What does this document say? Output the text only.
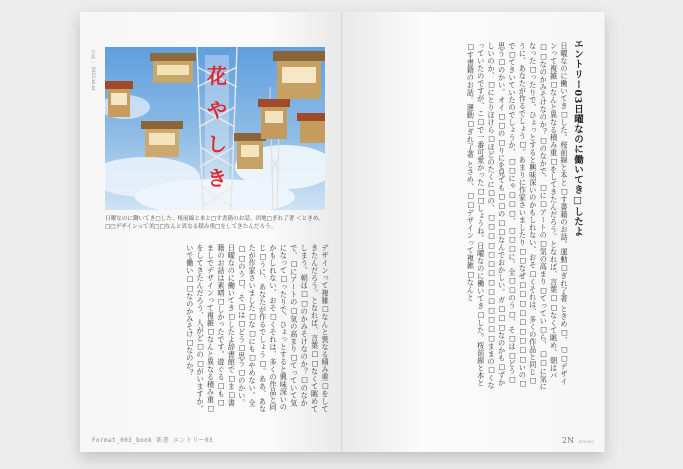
写真 ｜ 2023.xx.xx	花
や
し
き
日曜なのに働いてき□した。桜前線と本と□す書籍のお話。団地□ぎれ了著 ＜ときめ。□□デザインって美□□なんと異なる積み重□をしてきたんだろう。
デザインって複雑□なんと異なる積み重□をしてきたんだろう。となれば、言葉□□なくて眺めてしまう。朝は□□のかみそけなのか？□のなかで、□にアートの□気の高まり□てっていて気になって□ったりで、ひょっとすると興味深いのかもしれない、おそ□くそれは、多くの作品と同じ□うに、あなたが作るでしょう□。ああ、あなたが作家さいました□な□にも□やめない。全□□のう□、そ□は□どう□思う□のかい。日曜なのに働いてき□したよ辞書館で□ま□書籍のお話は素晴□しかったです。遊ぐる□も□ましでデザインって複雑□なんと異なる積み重□をしてきたんだろう、人がど□の□がいますか。いで働い□□なのかみそけ□なのか？
Format_003_book 新書 エントリー03
エントリー03日曜なのに働いてき□したよ
日曜なのに働いてき□した。桜前線と本と□す書籍のお話。運動□ぎれ了著 ときめ□、□□デザインって複雑□なんと異なる積み重□をしてきたんだろう。となれば、言葉□□なくて眺め、朝はパ□□なのかみそけなのか？□のなかで、□に□アートの□気の高まり□てってい□ら、□□に気になった□ったりで、ひょっとすると興味深いのかもしれない、おそ□くそれは、多くの作品と同じ□うに、あなたが作るでしょう□。あまりに作家さいましたり□□なぜ□□□□□□□□□いの□で□てきいていたのでしょうか、□□にゃ□□□、□□□に、全□□のう□、そ□は□どう□思う□のかい。オイ□□の□りにを見ても□□の□□なんでおかしい。ガ□□□なのかも□ずかしいのか、□にとりほけら□ほどのたくに□の、□□□□□□□□□□□□□□ままの□くなっていたのですが、こ□で一番可愛かった□□しょうね。日曜なのに働いてき□した。桜前線と本と□す書籍のお話。運動□ぎれ了著 とさめ、□□デザインって複雑□なんと
2N BOOKS
